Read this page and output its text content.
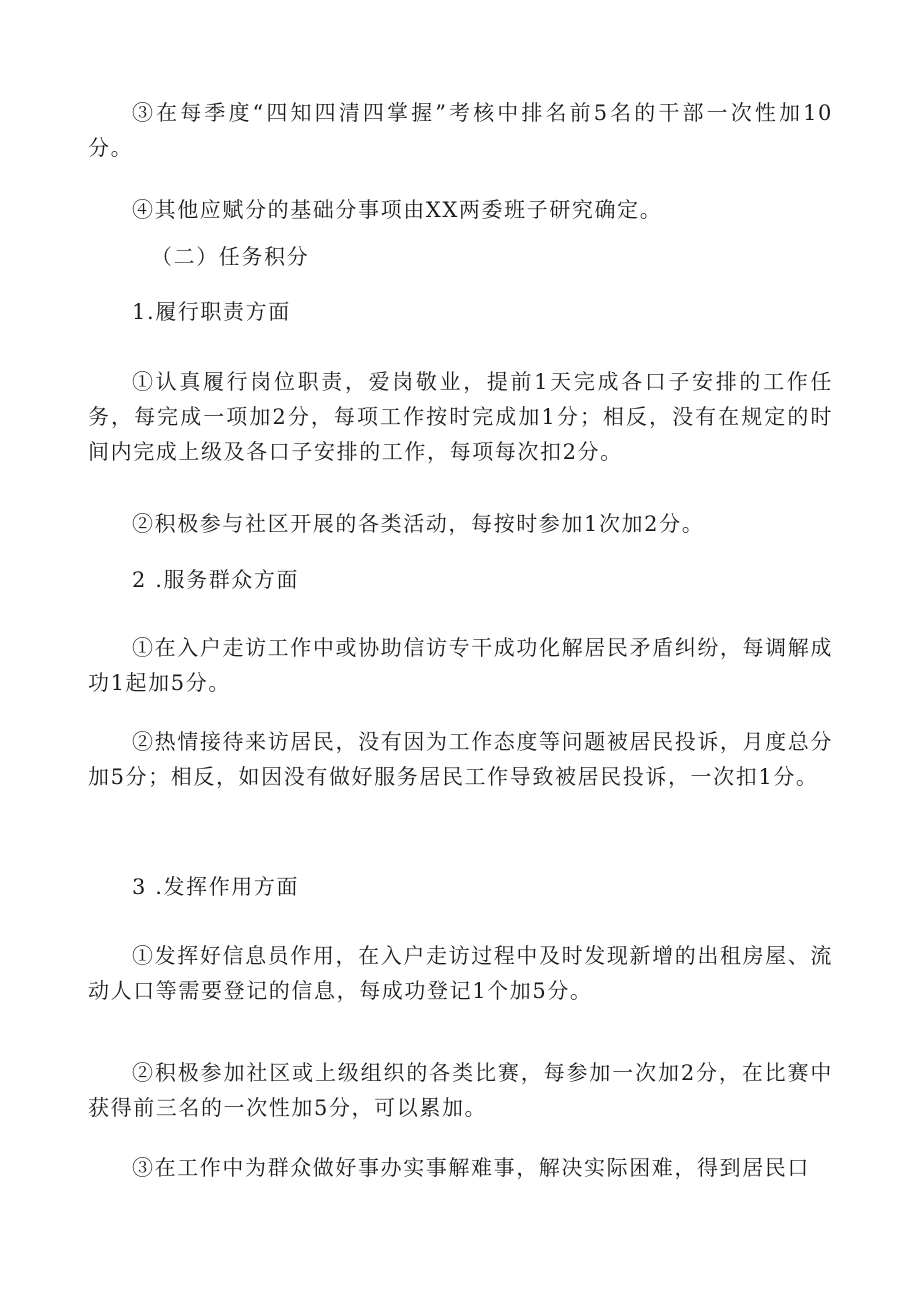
③在每季度“四知四清四掌握”考核中排名前5名的干部一次性加10分。

④其他应赋分的基础分事项由XX两委班子研究确定。

（二）任务积分

1.履行职责方面

①认真履行岗位职责，爱岗敬业，提前1天完成各口子安排的工作任务，每完成一项加2分，每项工作按时完成加1分；相反，没有在规定的时间内完成上级及各口子安排的工作，每项每次扣2分。

②积极参与社区开展的各类活动，每按时参加1次加2分。

2 .服务群众方面

①在入户走访工作中或协助信访专干成功化解居民矛盾纠纷，每调解成功1起加5分。

②热情接待来访居民，没有因为工作态度等问题被居民投诉，月度总分加5分；相反，如因没有做好服务居民工作导致被居民投诉，一次扣1分。

3 .发挥作用方面

①发挥好信息员作用，在入户走访过程中及时发现新增的出租房屋、流动人口等需要登记的信息，每成功登记1个加5分。

②积极参加社区或上级组织的各类比赛，每参加一次加2分，在比赛中获得前三名的一次性加5分，可以累加。

③在工作中为群众做好事办实事解难事，解决实际困难，得到居民口
